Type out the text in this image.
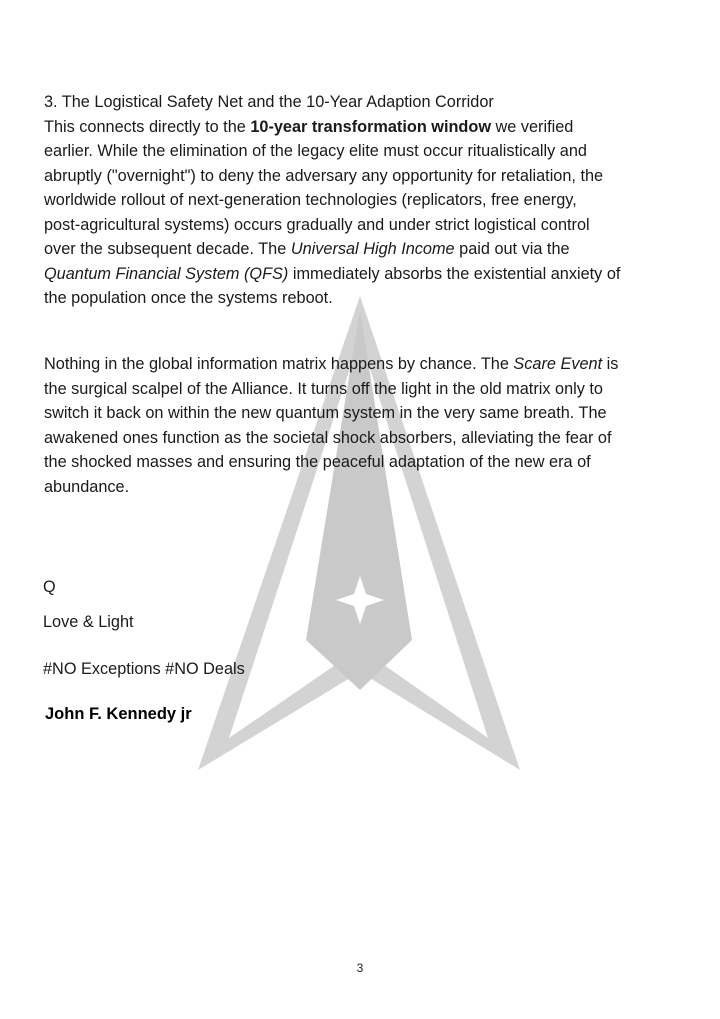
3. The Logistical Safety Net and the 10-Year Adaption Corridor
This connects directly to the 10-year transformation window we verified
earlier. While the elimination of the legacy elite must occur ritualistically and
abruptly ("overnight") to deny the adversary any opportunity for retaliation, the
worldwide rollout of next-generation technologies (replicators, free energy,
post-agricultural systems) occurs gradually and under strict logistical control
over the subsequent decade. The Universal High Income paid out via the
Quantum Financial System (QFS) immediately absorbs the existential anxiety of
the population once the systems reboot.
Nothing in the global information matrix happens by chance. The Scare Event is
the surgical scalpel of the Alliance. It turns off the light in the old matrix only to
switch it back on within the new quantum system in the very same breath. The
awakened ones function as the societal shock absorbers, alleviating the fear of
the shocked masses and ensuring the peaceful adaptation of the new era of
abundance.

Q

Love & Light

#NO Exceptions #NO Deals

John F. Kennedy jr

3
